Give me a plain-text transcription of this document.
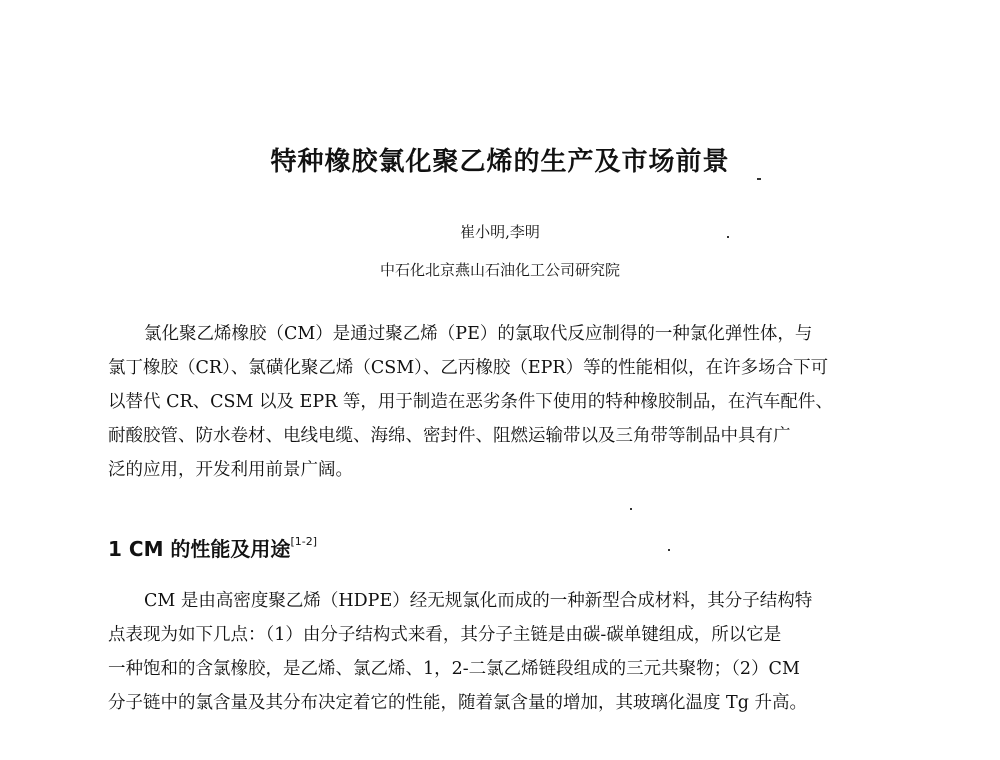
特种橡胶氯化聚乙烯的生产及市场前景

崔小明,李明

中石化北京燕山石油化工公司研究院

氯化聚乙烯橡胶（CM）是通过聚乙烯（PE）的氯取代反应制得的一种氯化弹性体，与
氯丁橡胶（CR）、氯磺化聚乙烯（CSM）、乙丙橡胶（EPR）等的性能相似，在许多场合下可
以替代 CR、CSM 以及 EPR 等，用于制造在恶劣条件下使用的特种橡胶制品，在汽车配件、
耐酸胶管、防水卷材、电线电缆、海绵、密封件、阻燃运输带以及三角带等制品中具有广
泛的应用，开发利用前景广阔。
1 CM 的性能及用途[1-2]
CM 是由高密度聚乙烯（HDPE）经无规氯化而成的一种新型合成材料，其分子结构特
点表现为如下几点：（1）由分子结构式来看，其分子主链是由碳-碳单键组成，所以它是
一种饱和的含氯橡胶，是乙烯、氯乙烯、1，2-二氯乙烯链段组成的三元共聚物；（2）CM
分子链中的氯含量及其分布决定着它的性能，随着氯含量的增加，其玻璃化温度 Tg 升高。
